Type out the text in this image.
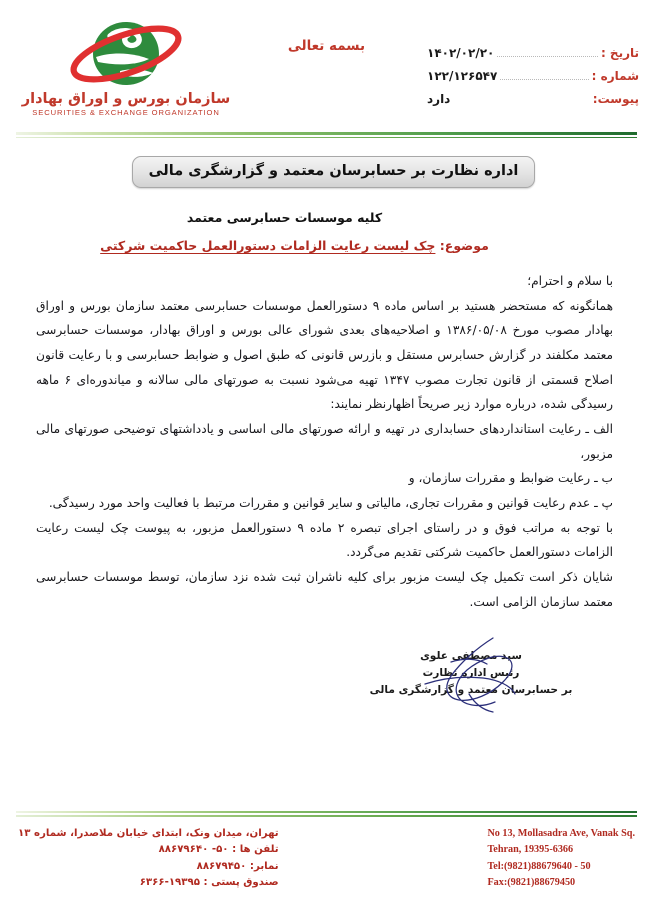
تاریخ :
۱۴۰۲/۰۲/۲۰
شماره :
۱۲۲/۱۲۶۵۴۷
پیوست:
دارد
بسمه تعالی
سازمان بورس و اوراق بهادار
SECURITIES & EXCHANGE ORGANIZATION
اداره نظارت بر حسابرسان معتمد و گزارشگری مالی
کلیه موسسات حسابرسی معتمد
موضوع: چک لیست رعایت الزامات دستورالعمل حاکمیت شرکتی

با سلام و احترام؛

همانگونه که مستحضر هستید بر اساس ماده ۹ دستورالعمل موسسات حسابرسی معتمد سازمان بورس و اوراق بهادار مصوب مورخ ۱۳۸۶/۰۵/۰۸ و اصلاحیه‌های بعدی شورای عالی بورس و اوراق بهادار، موسسات حسابرسی معتمد مکلفند در گزارش حسابرس مستقل و بازرس قانونی که طبق اصول و ضوابط حسابرسی و با رعایت قانون اصلاح قسمتی از قانون تجارت مصوب ۱۳۴۷ تهیه می‌شود نسبت به صورتهای مالی سالانه و میاندوره‌ای ۶ ماهه رسیدگی شده، درباره موارد زیر صریحاً اظهارنظر نمایند:

الف ـ رعایت استانداردهای حسابداری در تهیه و ارائه صورتهای مالی اساسی و یادداشتهای توضیحی صورتهای مالی مزبور،

ب ـ رعایت ضوابط و مقررات سازمان، و

پ ـ عدم رعایت قوانین و مقررات تجاری، مالیاتی و سایر قوانین و مقررات مرتبط با فعالیت واحد مورد رسیدگی.

با توجه به مراتب فوق و در راستای اجرای تبصره ۲ ماده ۹ دستورالعمل مزبور، به پیوست چک لیست رعایت الزامات دستورالعمل حاکمیت شرکتی تقدیم می‌گردد.

شایان ذکر است تکمیل چک لیست مزبور برای کلیه ناشران ثبت شده نزد سازمان، توسط موسسات حسابرسی معتمد سازمان الزامی است.

سید مصطفی علوی
رئیس اداره نظارت
بر حسابرسان معتمد و گزارشگری مالی
No 13, Mollasadra Ave, Vanak Sq.
Tehran, 19395-6366
Tel:(9821)88679640 - 50
Fax:(9821)88679450
تهران، میدان ونک، ابتدای خیابان ملاصدرا، شماره ۱۳
تلفن ها : ۵۰- ۸۸۶۷۹۶۴۰
نمابر: ۸۸۶۷۹۴۵۰
صندوق پستی : ۱۹۳۹۵-۶۳۶۶
